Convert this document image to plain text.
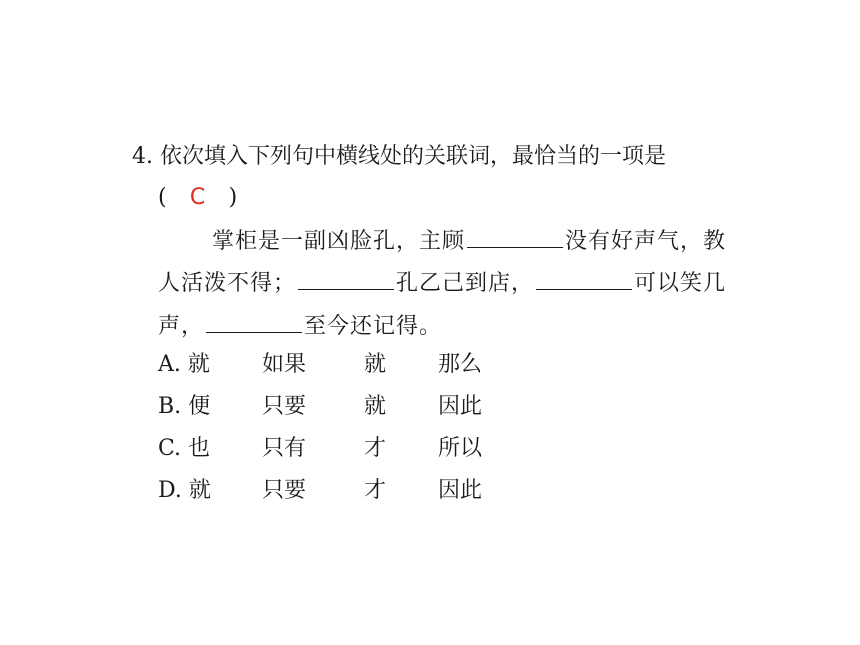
4. 依次填入下列句中横线处的关联词，最恰当的一项是
( C )
掌柜是一副凶脸孔，主顾	没有好声气，教
人活泼不得；	孔乙己到店，	可以笑几
声，	至今还记得。
A. 就 如果	就 那么
B. 便 只要	就 因此
C. 也 只有	才 所以
D. 就 只要	才 因此
